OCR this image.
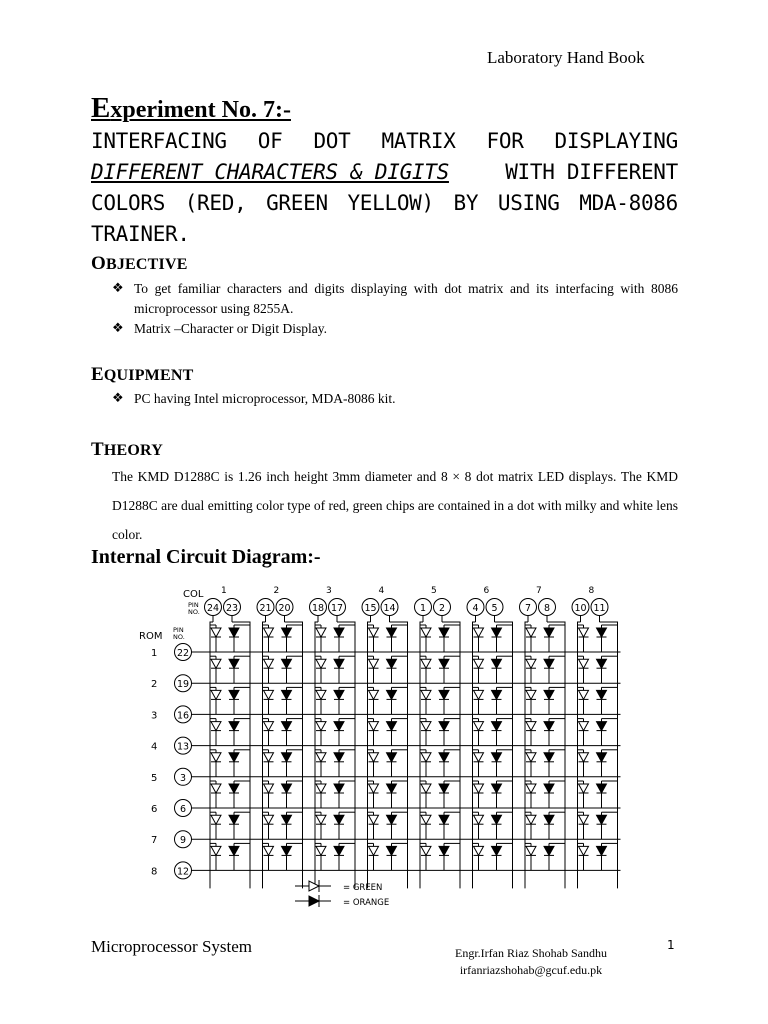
Laboratory Hand Book
Experiment No. 7:-
INTERFACING OF DOT MATRIX FOR DISPLAYING
DIFFERENT CHARACTERS & DIGITS	WITH DIFFERENT
COLORS (RED, GREEN YELLOW) BY USING MDA-8086
TRAINER.
OBJECTIVE
❖ To get familiar characters and digits displaying with dot matrix and its interfacing with 8086 microprocessor using 8255A.
❖ Matrix –Character or Digit Display.
EQUIPMENT
❖ PC having Intel microprocessor, MDA-8086 kit.
THEORY
The KMD D1288C is 1.26 inch height 3mm diameter and 8 × 8 dot matrix LED displays. The KMD D1288C are dual emitting color type of red, green chips are contained in a dot with milky and white lens color.
Internal Circuit Diagram:-
COL
PIN
NO.
PIN
NO.
ROM
1
24 23
2
21 20
3
18 17
4
15 14
5
1 2
6
4 5
7
7 8
8
10 11
1 22
2 19
3 16
4 13
5 3
6 6
7 9
8 12
= GREEN
= ORANGE
Microprocessor System	Engr.Irfan Riaz Shohab Sandhu
irfanriazshohab@gcuf.edu.pk
1
